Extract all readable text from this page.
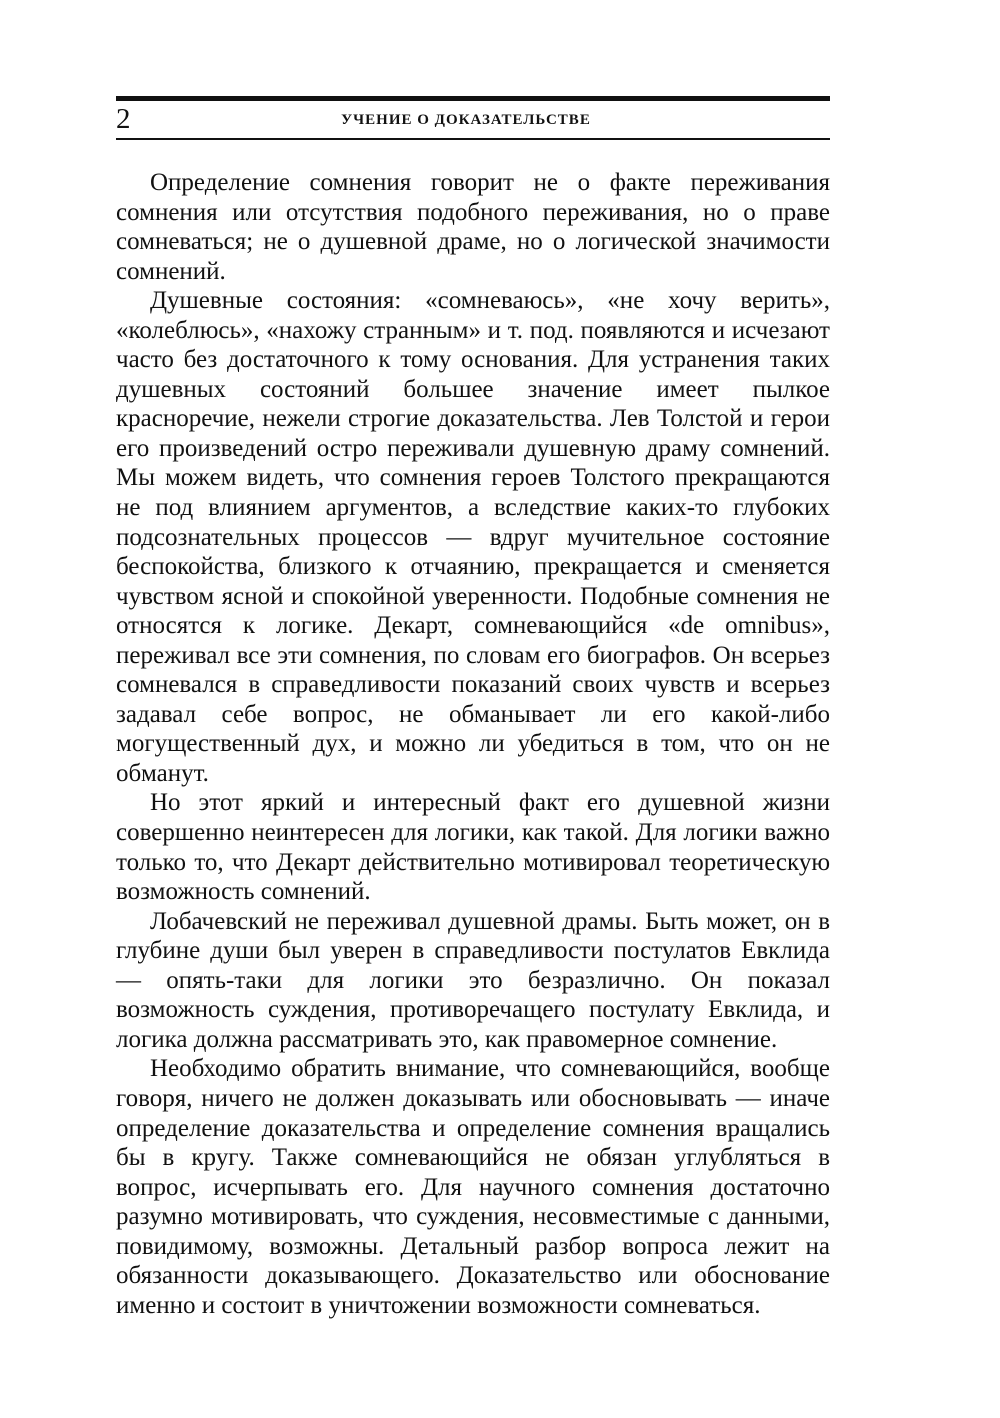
2	УЧЕНИЕ О ДОКАЗАТЕЛЬСТВЕ

Определение сомнения говорит не о факте переживания сомнения или отсутствия подобного переживания, но о праве сомневаться; не о душевной драме, но о логической значимости сомнений.

Душевные состояния: «сомневаюсь», «не хочу верить», «колеблюсь», «нахожу странным» и т. под. появляются и исчезают часто без достаточного к тому основания. Для устранения таких душевных состояний большее значение имеет пылкое красноречие, нежели строгие доказательства. Лев Толстой и герои его произведений остро переживали душевную драму сомнений. Мы можем видеть, что сомнения героев Толстого прекращаются не под влиянием аргументов, а вследствие каких-то глубоких подсознательных процессов — вдруг мучительное состояние беспокойства, близкого к отчаянию, прекращается и сменяется чувством ясной и спокойной уверенности. Подобные сомнения не относятся к логике. Декарт, сомневающийся «de omnibus», переживал все эти сомнения, по словам его биографов. Он всерьез сомневался в справедливости показаний своих чувств и всерьез задавал себе вопрос, не обманывает ли его какой-либо могущественный дух, и можно ли убедиться в том, что он не обманут.

Но этот яркий и интересный факт его душевной жизни совершенно неинтересен для логики, как такой. Для логики важно только то, что Декарт действительно мотивировал теоретическую возможность сомнений.

Лобачевский не переживал душевной драмы. Быть может, он в глубине души был уверен в справедливости постулатов Евклида — опять-таки для логики это безразлично. Он показал возможность суждения, противоречащего постулату Евклида, и логика должна рассматривать это, как правомерное сомнение.

Необходимо обратить внимание, что сомневающийся, вообще говоря, ничего не должен доказывать или обосновывать — иначе определение доказательства и определение сомнения вращались бы в кругу. Также сомневающийся не обязан углубляться в вопрос, исчерпывать его. Для научного сомнения достаточно разумно мотивировать, что суждения, несовместимые с данными, повидимому, возможны. Детальный разбор вопроса лежит на обязанности доказывающего. Доказательство или обоснование именно и состоит в уничтожении возможности сомневаться.
